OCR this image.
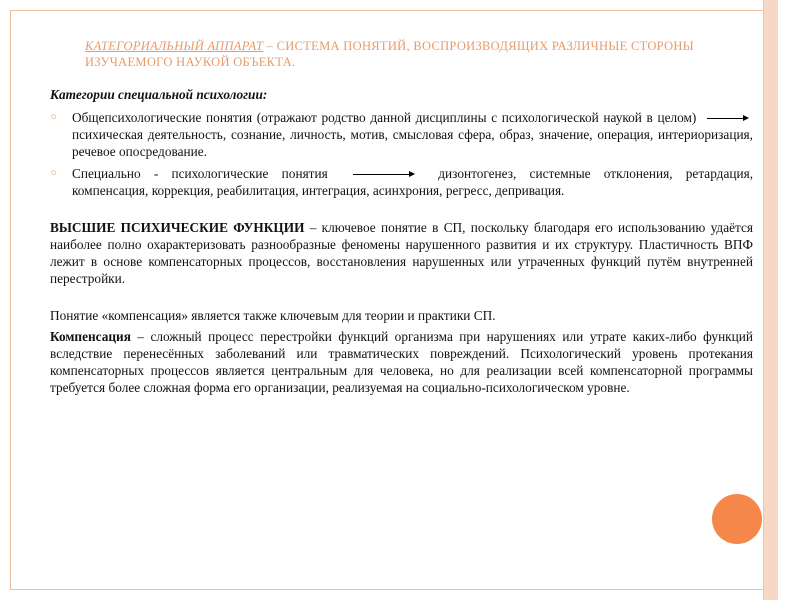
КАТЕГОРИАЛЬНЫЙ АППАРАТ – СИСТЕМА ПОНЯТИЙ, ВОСПРОИЗВОДЯЩИХ РАЗЛИЧНЫЕ СТОРОНЫ ИЗУЧАЕМОГО НАУКОЙ ОБЪЕКТА.
Категории специальной психологии:
○ Общепсихологические понятия (отражают родство данной дисциплины с психологической наукой в целом)  психическая деятельность, сознание, личность, мотив, смысловая сфера, образ, значение, операция, интериоризация, речевое опосредование.
○ Специально - психологические понятия	дизонтогенез, системные отклонения, ретардация, компенсация, коррекция, реабилитация, интеграция, асинхрония, регресс, депривация.
ВЫСШИЕ ПСИХИЧЕСКИЕ ФУНКЦИИ – ключевое понятие в СП, поскольку благодаря его использованию удаётся наиболее полно охарактеризовать разнообразные феномены нарушенного развития и их структуру. Пластичность ВПФ лежит в основе компенсаторных процессов, восстановления нарушенных или утраченных функций путём внутренней перестройки.
Понятие «компенсация» является также ключевым для теории и практики СП.
Компенсация – сложный процесс перестройки функций организма при нарушениях или утрате каких-либо функций вследствие перенесённых заболеваний или травматических повреждений. Психологический уровень протекания компенсаторных процессов является центральным для человека, но для реализации всей компенсаторной программы требуется более сложная форма его организации, реализуемая на социально-психологическом уровне.
